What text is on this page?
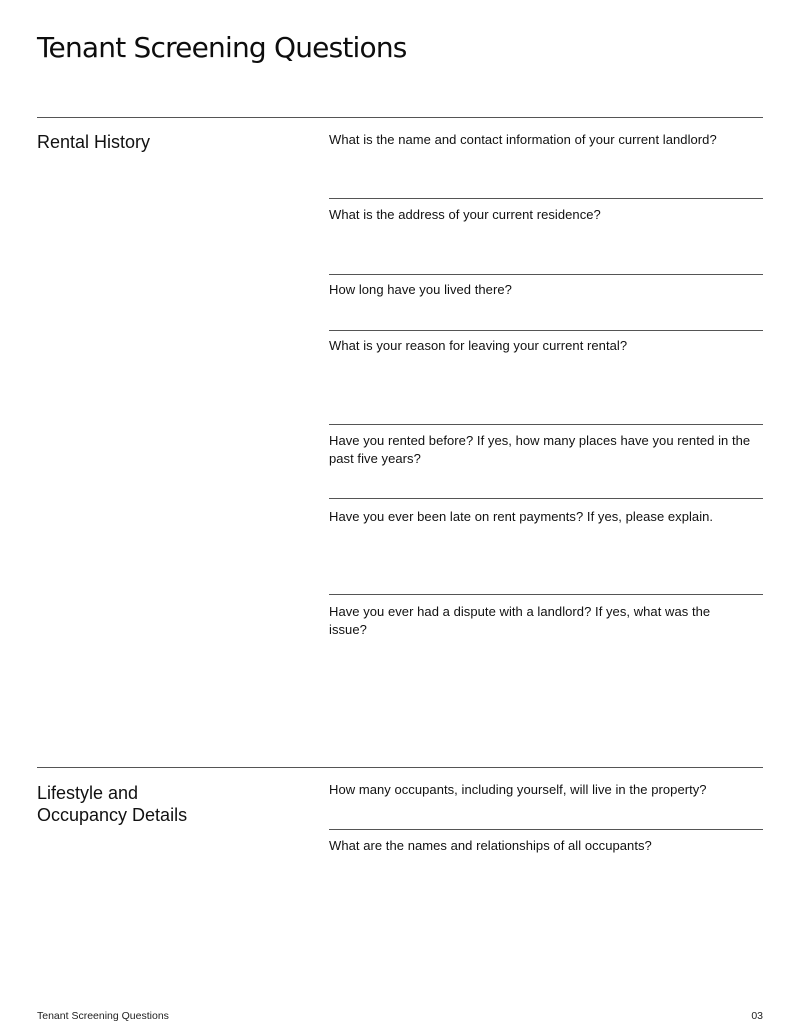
Tenant Screening Questions
Rental History	What is the name and contact information of your current landlord?

What is the address of your current residence?

How long have you lived there?

What is your reason for leaving your current rental?

Have you rented before? If yes, how many places have you rented in the past five years?

Have you ever been late on rent payments? If yes, please explain.

Have you ever had a dispute with a landlord? If yes, what was the issue?

Lifestyle and
Occupancy Details

How many occupants, including yourself, will live in the property?

What are the names and relationships of all occupants?

Tenant Screening Questions	03
